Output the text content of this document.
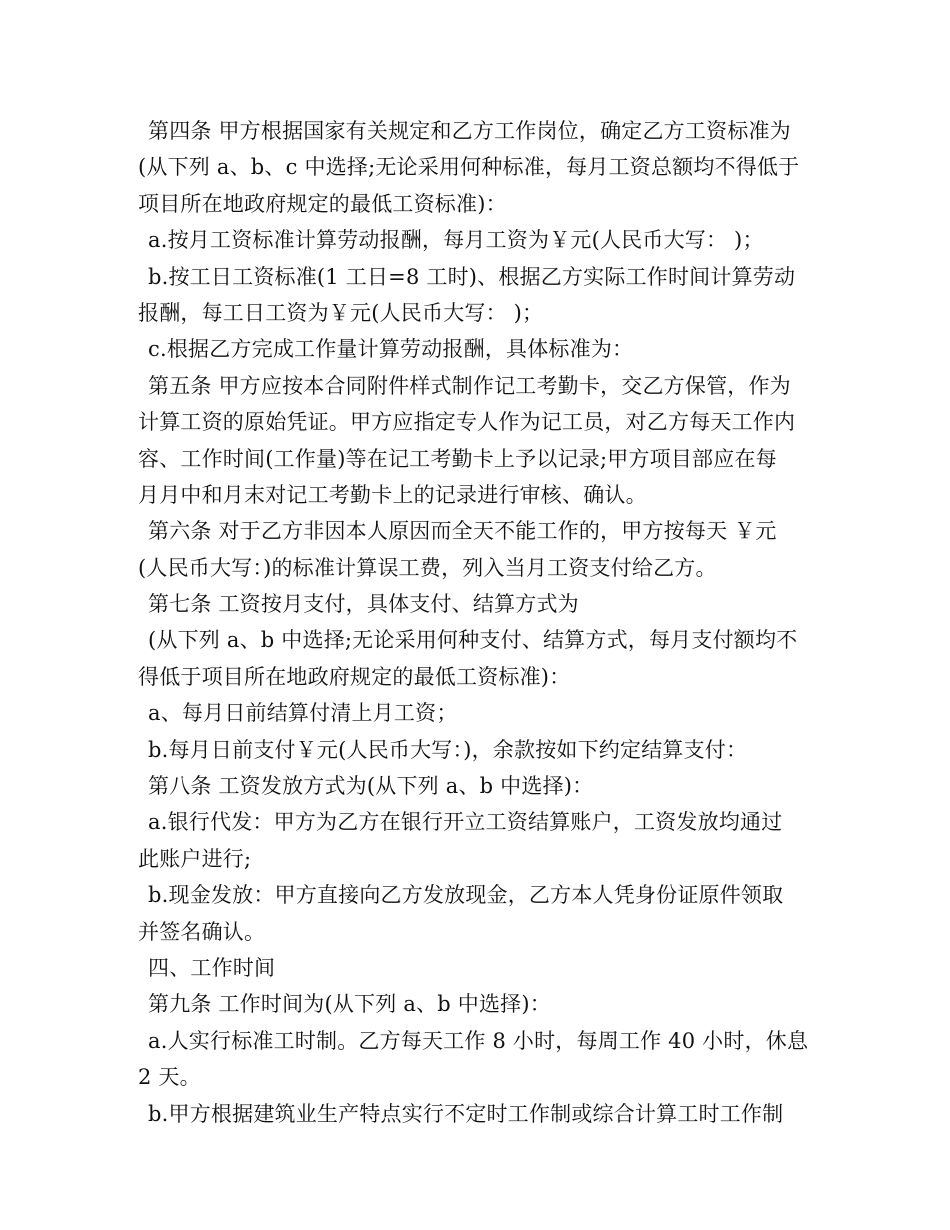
第四条 甲方根据国家有关规定和乙方工作岗位，确定乙方工资标准为
(从下列 a、b、c 中选择;无论采用何种标准，每月工资总额均不得低于
项目所在地政府规定的最低工资标准)：
a.按月工资标准计算劳动报酬，每月工资为￥元(人民币大写： )；
b.按工日工资标准(1 工日=8 工时)、根据乙方实际工作时间计算劳动
报酬，每工日工资为￥元(人民币大写： )；
c.根据乙方完成工作量计算劳动报酬，具体标准为：
第五条 甲方应按本合同附件样式制作记工考勤卡，交乙方保管，作为
计算工资的原始凭证。甲方应指定专人作为记工员，对乙方每天工作内
容、工作时间(工作量)等在记工考勤卡上予以记录;甲方项目部应在每
月月中和月末对记工考勤卡上的记录进行审核、确认。
第六条 对于乙方非因本人原因而全天不能工作的，甲方按每天 ￥元
(人民币大写：)的标准计算误工费，列入当月工资支付给乙方。
第七条 工资按月支付，具体支付、结算方式为
(从下列 a、b 中选择;无论采用何种支付、结算方式，每月支付额均不
得低于项目所在地政府规定的最低工资标准)：
a、每月日前结算付清上月工资；
b.每月日前支付￥元(人民币大写：)，余款按如下约定结算支付：
第八条 工资发放方式为(从下列 a、b 中选择)：
a.银行代发：甲方为乙方在银行开立工资结算账户，工资发放均通过
此账户进行;
b.现金发放：甲方直接向乙方发放现金，乙方本人凭身份证原件领取
并签名确认。
四、工作时间
第九条 工作时间为(从下列 a、b 中选择)：
a.人实行标准工时制。乙方每天工作 8 小时，每周工作 40 小时，休息
2 天。
b.甲方根据建筑业生产特点实行不定时工作制或综合计算工时工作制
